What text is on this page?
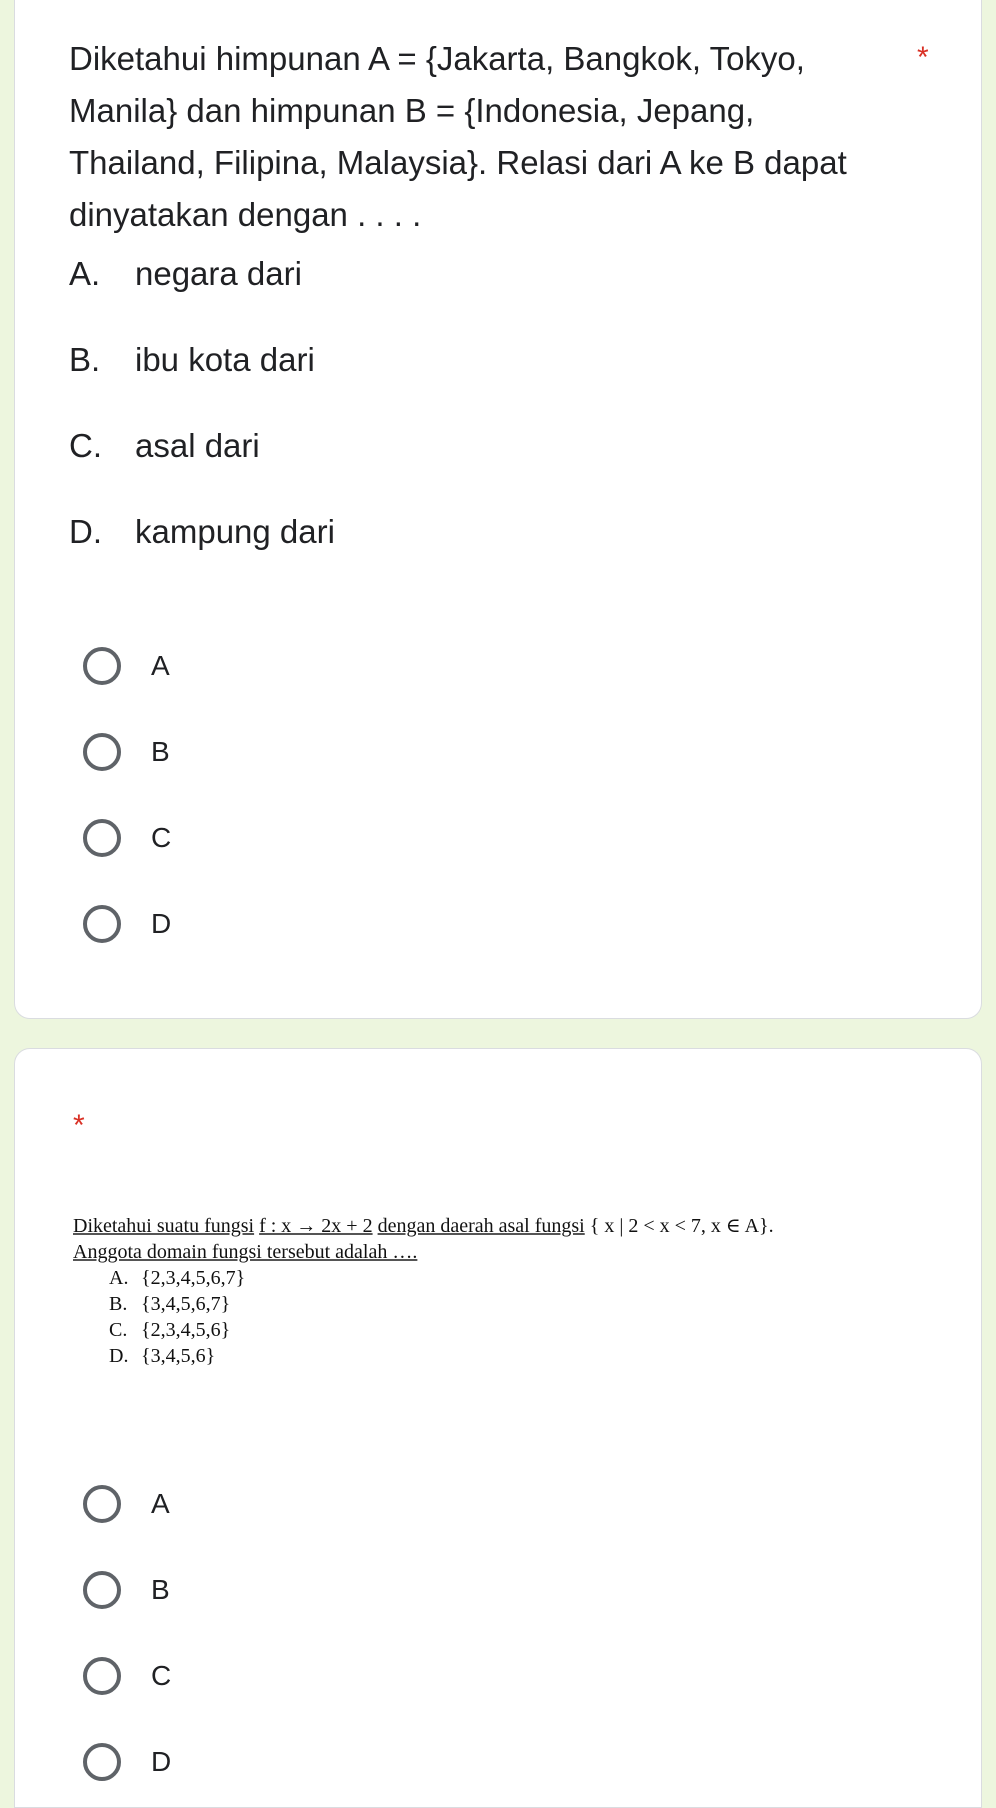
Diketahui himpunan A = {Jakarta, Bangkok, Tokyo, Manila} dan himpunan B = {Indonesia, Jepang, Thailand, Filipina, Malaysia}. Relasi dari A ke B dapat dinyatakan dengan . . . .

*
A.	negara dari
B.	ibu kota dari
C.	asal dari
D.	kampung dari
A
B
C
D
*
Diketahui suatu fungsi f : x → 2x + 2 dengan daerah asal fungsi { x | 2 < x < 7, x ∈ A}.
Anggota domain fungsi tersebut adalah ….
A. {2,3,4,5,6,7}
B. {3,4,5,6,7}
C. {2,3,4,5,6}
D. {3,4,5,6}
A
B
C
D
